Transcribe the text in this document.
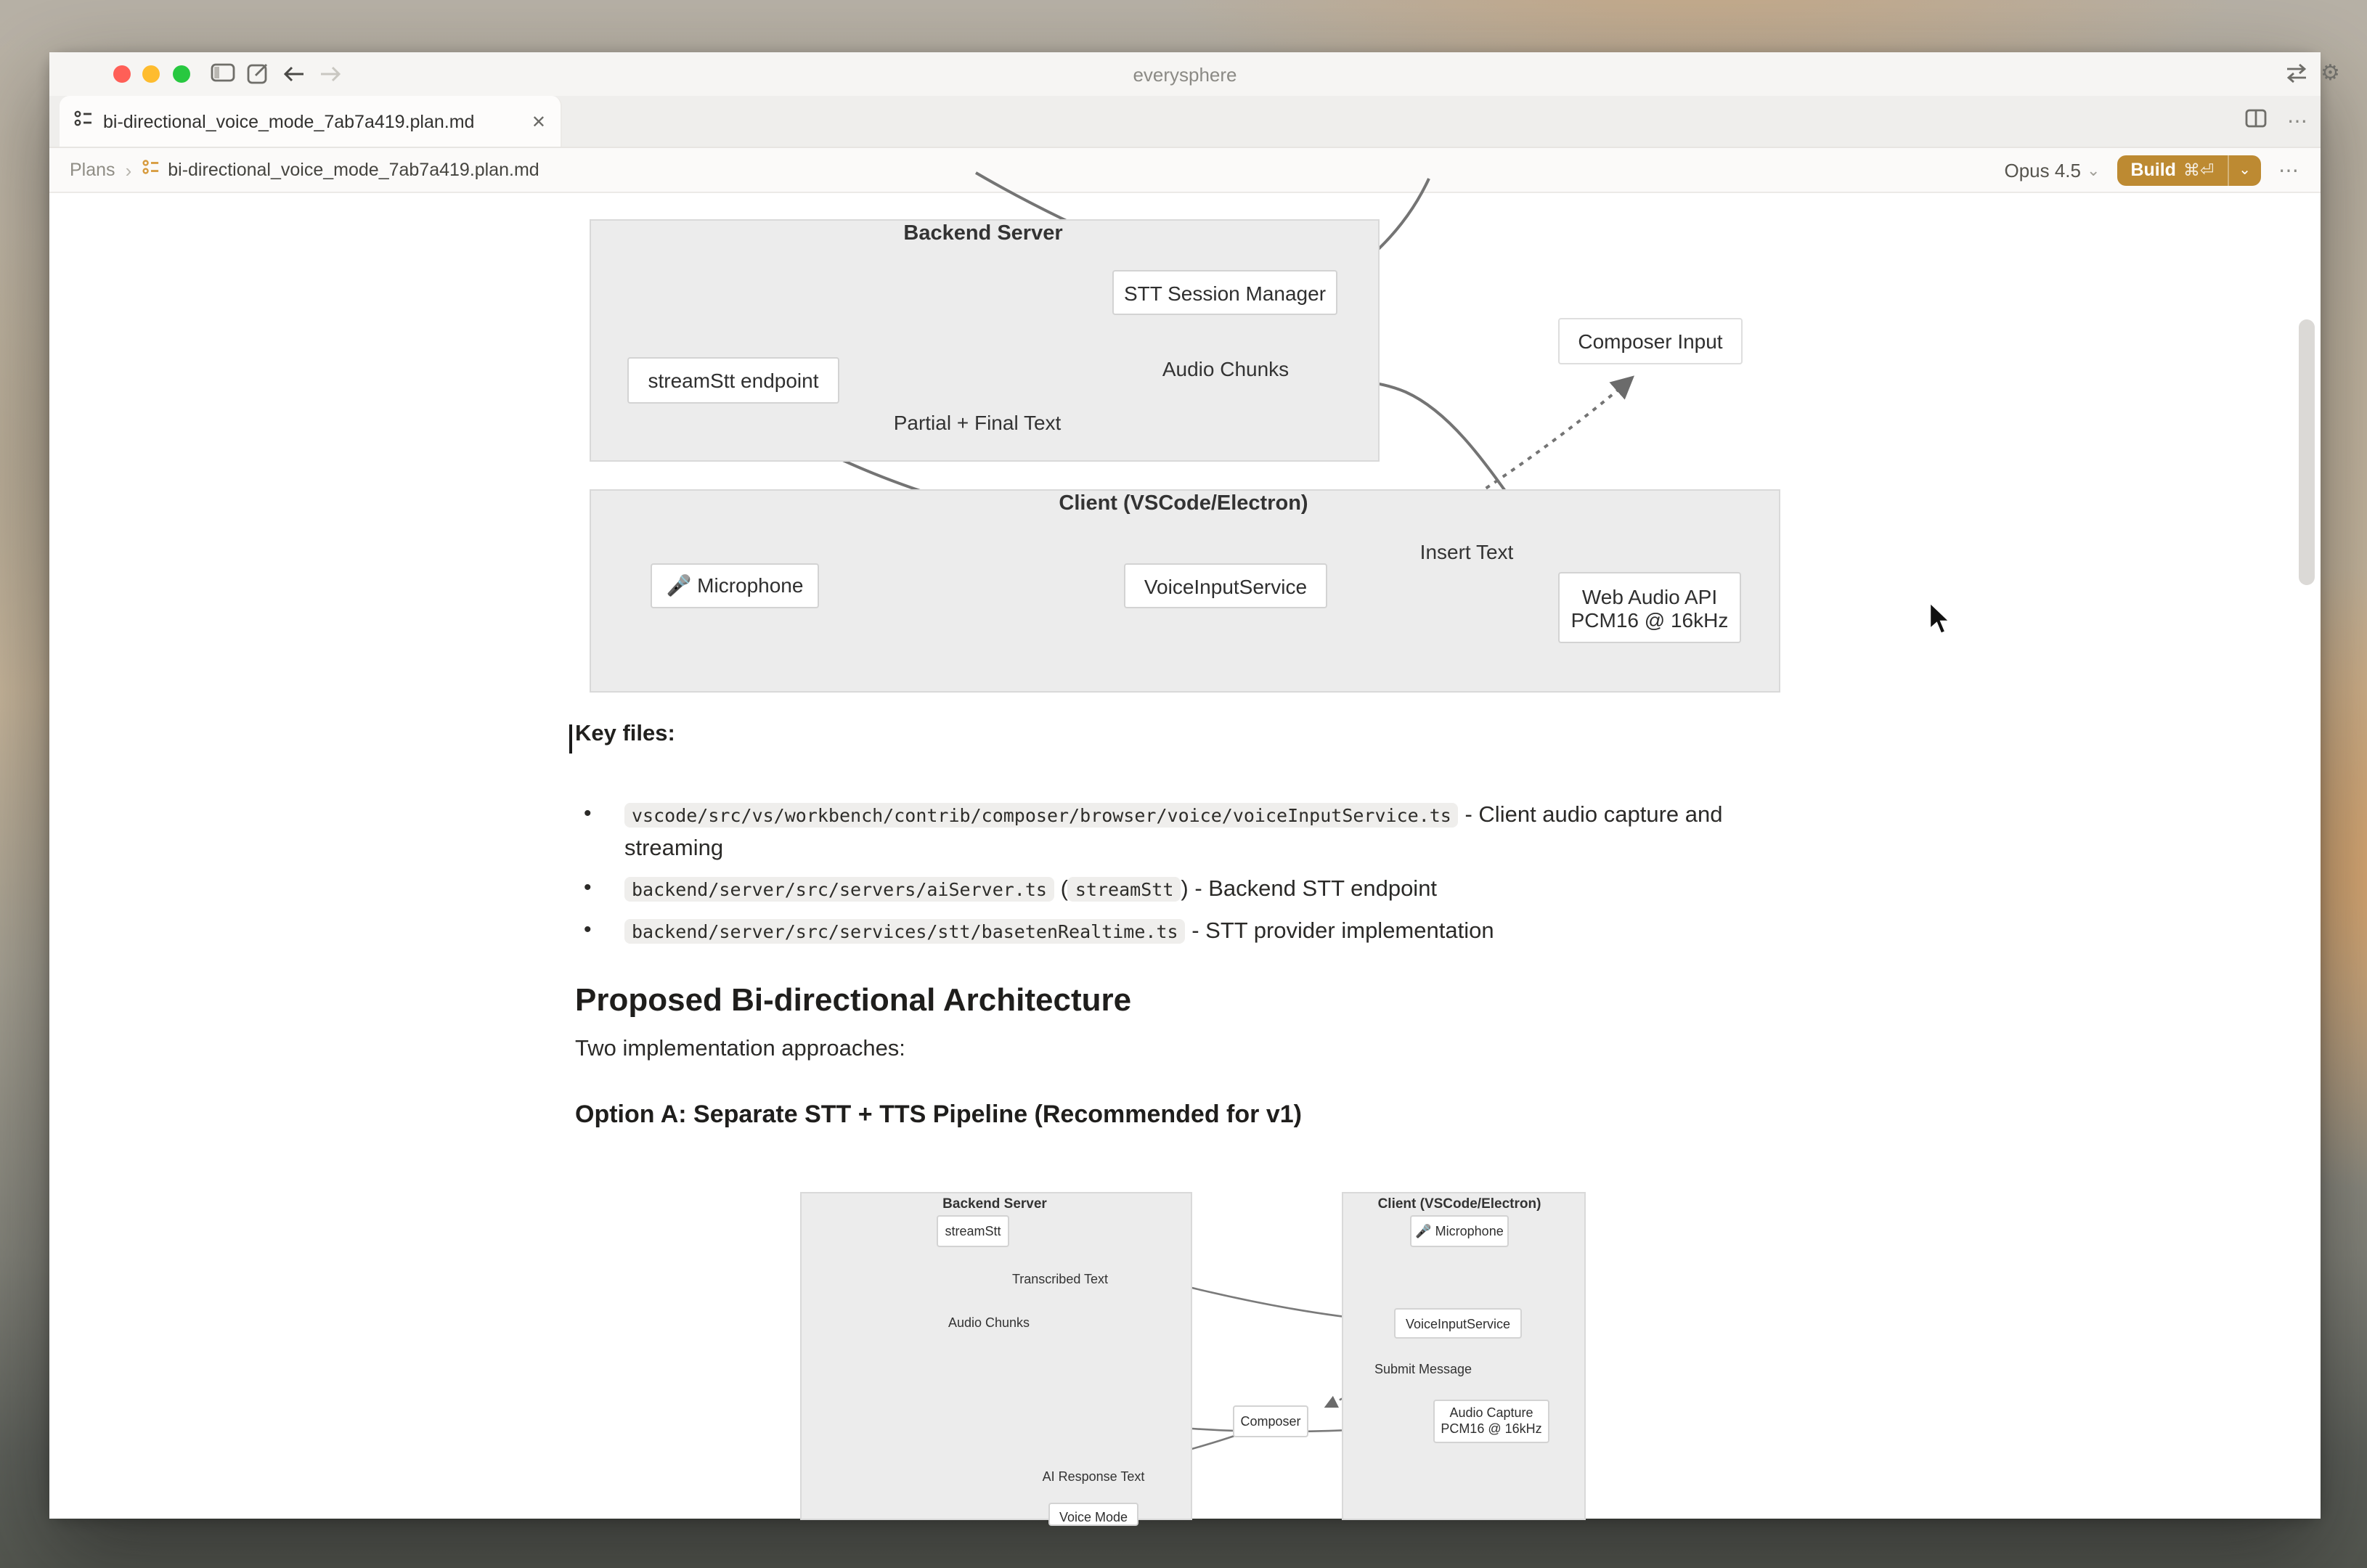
everysphere	⚙
bi-directional_voice_mode_7ab7a419.plan.md	✕	⋯
Plans ›	bi-directional_voice_mode_7ab7a419.plan.md	Opus 4.5 ⌄	Build ⌘⏎	⌄	⋯
Backend Server
Client (VSCode/Electron)
STT Session Manager
streamStt endpoint
Composer Input
🎤 Microphone	VoiceInputService	Web Audio API
PCM16 @ 16kHz
Audio Chunks
Partial + Final Text
Insert Text
Key files:
•	vscode/src/vs/workbench/contrib/composer/browser/voice/voiceInputService.ts - Client audio capture and streaming
•	backend/server/src/servers/aiServer.ts ( streamStt ) - Backend STT endpoint
•	backend/server/src/services/stt/basetenRealtime.ts - STT provider implementation
Proposed Bi-directional Architecture
Two implementation approaches:
Option A: Separate STT + TTS Pipeline (Recommended for v1)
Backend Server	Client (VSCode/Electron)
streamStt	🎤 Microphone
VoiceInputService
Audio Capture
PCM16 @ 16kHz
Composer
Voice Mode
Transcribed Text
Audio Chunks
Submit Message
AI Response Text
